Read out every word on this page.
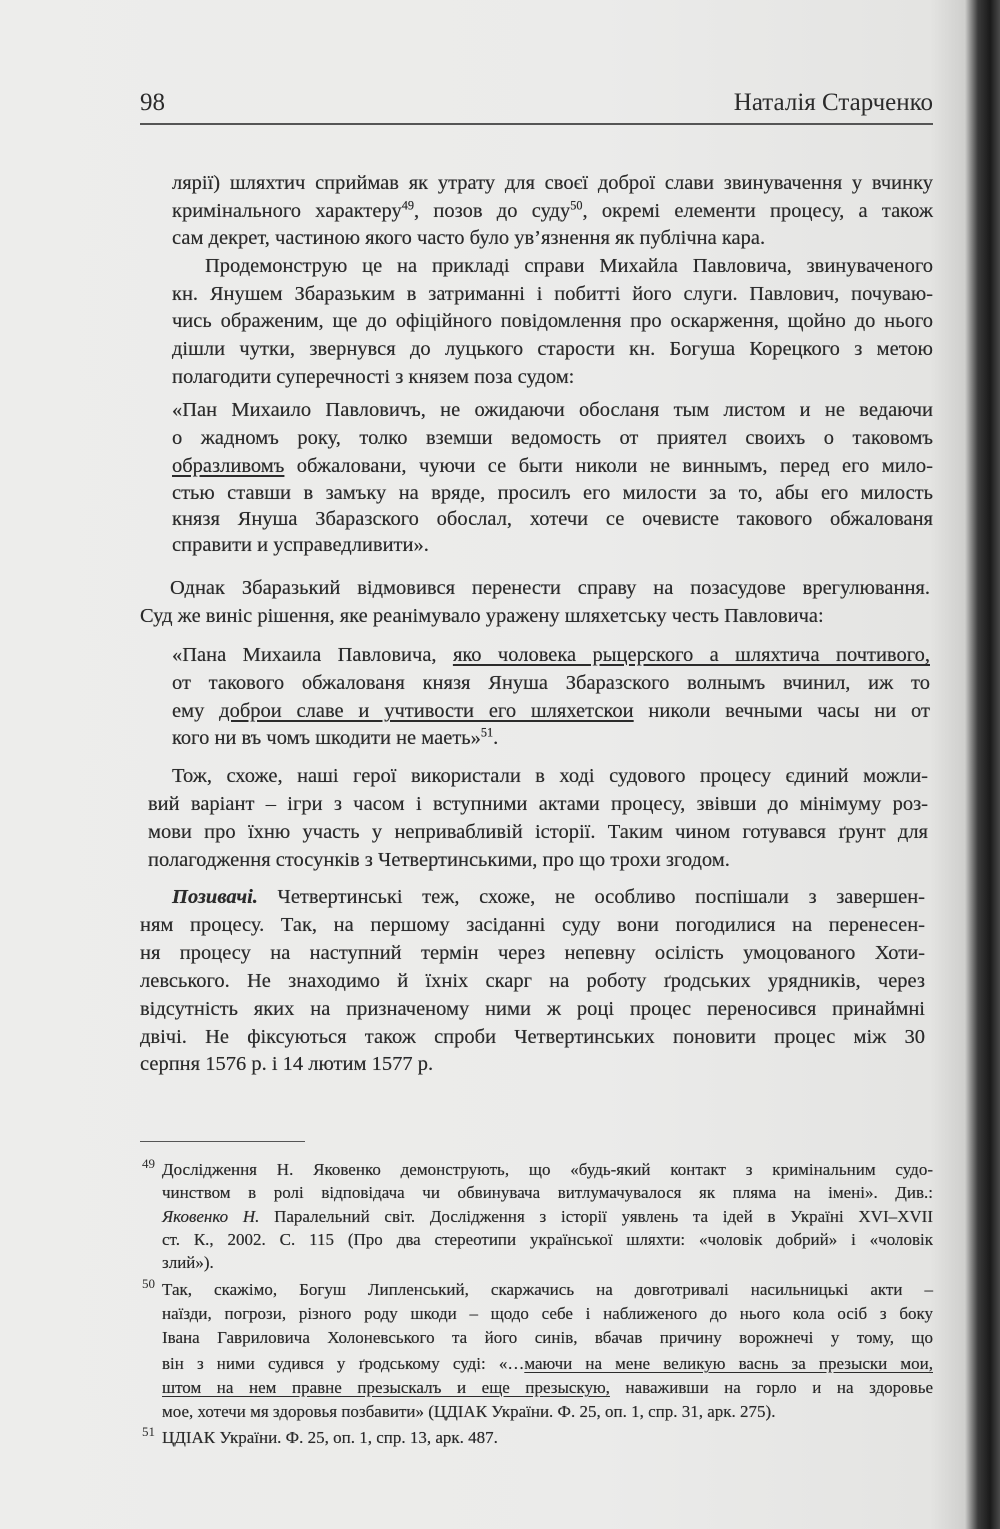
98	Наталія Старченко
лярії) шляхтич сприймав як утрату для своєї доброї слави звинувачення у вчинку
кримінального характеру$^{49}$, позов до суду$^{50}$, окремі елементи процесу, а також
сам декрет, частиною якого часто було ув’язнення як публічна кара.
Продемонструю це на прикладі справи Михайла Павловича, звинуваченого
кн. Янушем Збаразьким в затриманні і побитті його слуги. Павлович, почуваю-
чись ображеним, ще до офіційного повідомлення про оскарження, щойно до нього
дішли чутки, звернувся до луцького старости кн. Богуша Корецкого з метою
полагодити суперечності з князем поза судом:
«Пан Михаило Павловичъ, не ожидаючи обосланя тым листом и не ведаючи
о жадномъ року, толко вземши ведомость от приятел своихъ о таковомъ
образливомъ обжаловани, чуючи се быти николи не виннымъ, перед его мило-
стью ставши в замъку на вряде, просилъ его милости за то, абы его милость
князя Януша Збаразского обослал, хотечи се очевисте такового обжалованя
справити и усправедливити».
Однак Збаразький відмовився перенести справу на позасудове врегулювання.
Суд же виніс рішення, яке реанімувало уражену шляхетську честь Павловича:
«Пана Михаила Павловича, яко чоловека рыцерского а шляхтича почтивого,
от такового обжалованя князя Януша Збаразского волнымъ вчинил, иж то
ему доброи славе и учтивости его шляхетскои николи вечными часы ни от
кого ни въ чомъ шкодити не маеть»$^{51}$.
Тож, схоже, наші герої використали в ході судового процесу єдиний можли-
вий варіант – ігри з часом і вступними актами процесу, звівши до мінімуму роз-
мови про їхню участь у непривабливій історії. Таким чином готувався ґрунт для
полагодження стосунків з Четвертинськими, про що трохи згодом.
Позивачі. Четвертинські теж, схоже, не особливо поспішали з завершен-
ням процесу. Так, на першому засіданні суду вони погодилися на перенесен-
ня процесу на наступний термін через непевну осілість умоцованого Хоти-
левського. Не знаходимо й їхніх скарг на роботу ґродських урядників, через
відсутність яких на призначеному ними ж році процес переносився принаймні
двічі. Не фіксуються також спроби Четвертинських поновити процес між 30
серпня 1576 р. і 14 лютим 1577 р.
49 Дослідження Н. Яковенко демонструють, що «будь-який контакт з кримінальним судо-
чинством в ролі відповідача чи обвинувача витлумачувалося як пляма на імені». Див.:
Яковенко Н. Паралельний світ. Дослідження з історії уявлень та ідей в Україні XVI–XVII
ст. К., 2002. С. 115 (Про два стереотипи української шляхти: «чоловік добрий» і «чоловік
злий»).
50 Так, скажімо, Богуш Липленський, скаржачись на довготривалі насильницькі акти –
наїзди, погрози, різного роду шкоди – щодо себе і наближеного до нього кола осіб з боку
Івана Гавриловича Холоневського та його синів, вбачав причину ворожнечі у тому, що
він з ними судився у ґродському суді: «…маючи на мене великую васнь за презыски мои,
штом на нем правне презыскалъ и еще презыскую, наваживши на горло и на здоровье
мое, хотечи мя здоровья позбавити» (ЦДІАК України. Ф. 25, оп. 1, спр. 31, арк. 275).
51 ЦДІАК України. Ф. 25, оп. 1, спр. 13, арк. 487.
